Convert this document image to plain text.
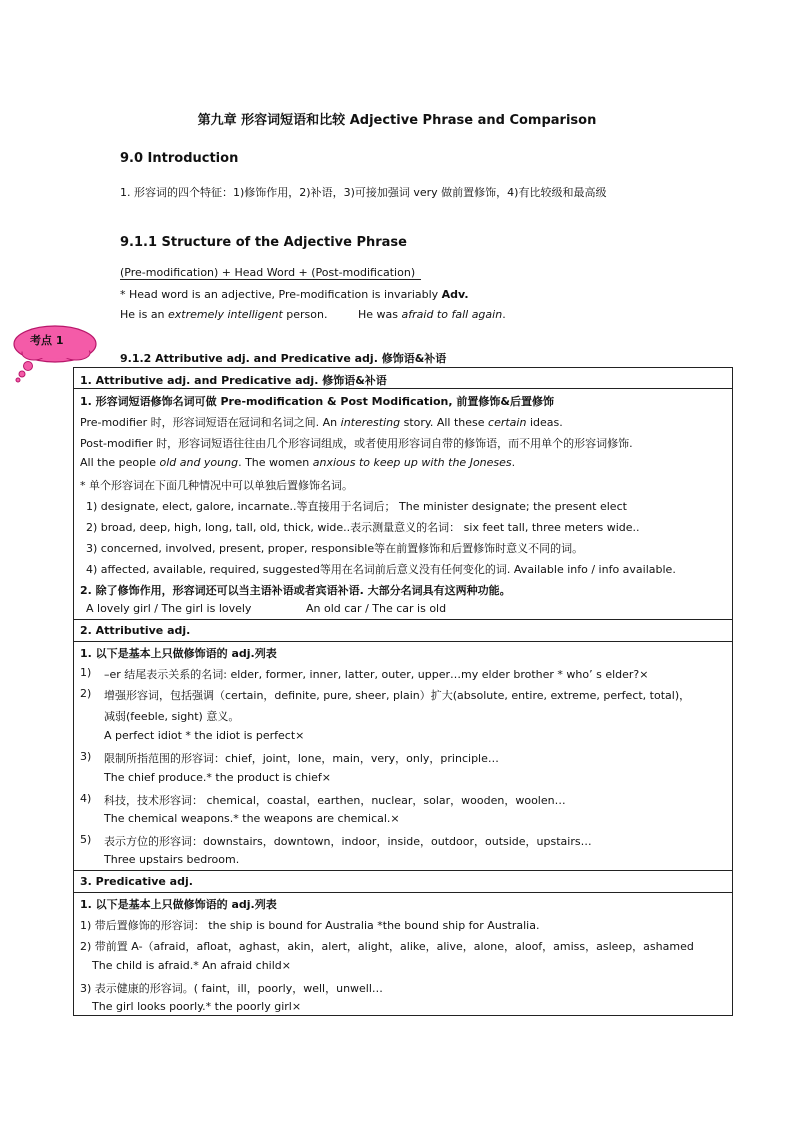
第九章 形容词短语和比较 Adjective Phrase and Comparison
9.0 Introduction
1. 形容词的四个特征：1)修饰作用，2)补语，3)可接加强词 very 做前置修饰，4)有比较级和最高级
9.1.1 Structure of the Adjective Phrase
(Pre-modification) + Head Word + (Post-modification)
* Head word is an adjective, Pre-modification is invariably Adv.
He is an extremely intelligent person.	He was afraid to fall again.
考点 1
9.1.2 Attributive adj. and Predicative adj. 修饰语&补语
1. Attributive adj. and Predicative adj. 修饰语&补语
1. 形容词短语修饰名词可做 Pre-modification & Post Modification, 前置修饰&后置修饰
Pre-modifier 时，形容词短语在冠词和名词之间. An interesting story. All these certain ideas.
Post-modifier 时，形容词短语往往由几个形容词组成，或者使用形容词自带的修饰语，而不用单个的形容词修饰.
All the people old and young. The women anxious to keep up with the Joneses.
* 单个形容词在下面几种情况中可以单独后置修饰名词。
1) designate, elect, galore, incarnate..等直接用于名词后； The minister designate; the present elect
2) broad, deep, high, long, tall, old, thick, wide..表示测量意义的名词： six feet tall, three meters wide..
3) concerned, involved, present, proper, responsible等在前置修饰和后置修饰时意义不同的词。
4) affected, available, required, suggested等用在名词前后意义没有任何变化的词. Available info / info available.
2. 除了修饰作用，形容词还可以当主语补语或者宾语补语. 大部分名词具有这两种功能。
A lovely girl / The girl is lovely	An old car / The car is old
2. Attributive adj.
1. 以下是基本上只做修饰语的 adj.列表
1) –er 结尾表示关系的名词: elder, former, inner, latter, outer, upper…my elder brother * who’ s elder?×
2) 增强形容词，包括强调（certain，definite, pure, sheer, plain）扩大(absolute, entire, extreme, perfect, total)，
减弱(feeble, sight) 意义。
A perfect idiot * the idiot is perfect×
3) 限制所指范围的形容词：chief，joint，lone，main，very，only，principle…
The chief produce.* the product is chief×
4) 科技，技术形容词： chemical，coastal，earthen，nuclear，solar，wooden，woolen…
The chemical weapons.* the weapons are chemical.×
5) 表示方位的形容词：downstairs，downtown，indoor，inside，outdoor，outside，upstairs…
Three upstairs bedroom.
3. Predicative adj.
1. 以下是基本上只做修饰语的 adj.列表
1) 带后置修饰的形容词： the ship is bound for Australia *the bound ship for Australia.
2) 带前置 A-（afraid，afloat，aghast，akin，alert，alight，alike，alive，alone，aloof，amiss，asleep，ashamed
The child is afraid.* An afraid child×
3) 表示健康的形容词。( faint，ill，poorly，well，unwell…
The girl looks poorly.* the poorly girl×
